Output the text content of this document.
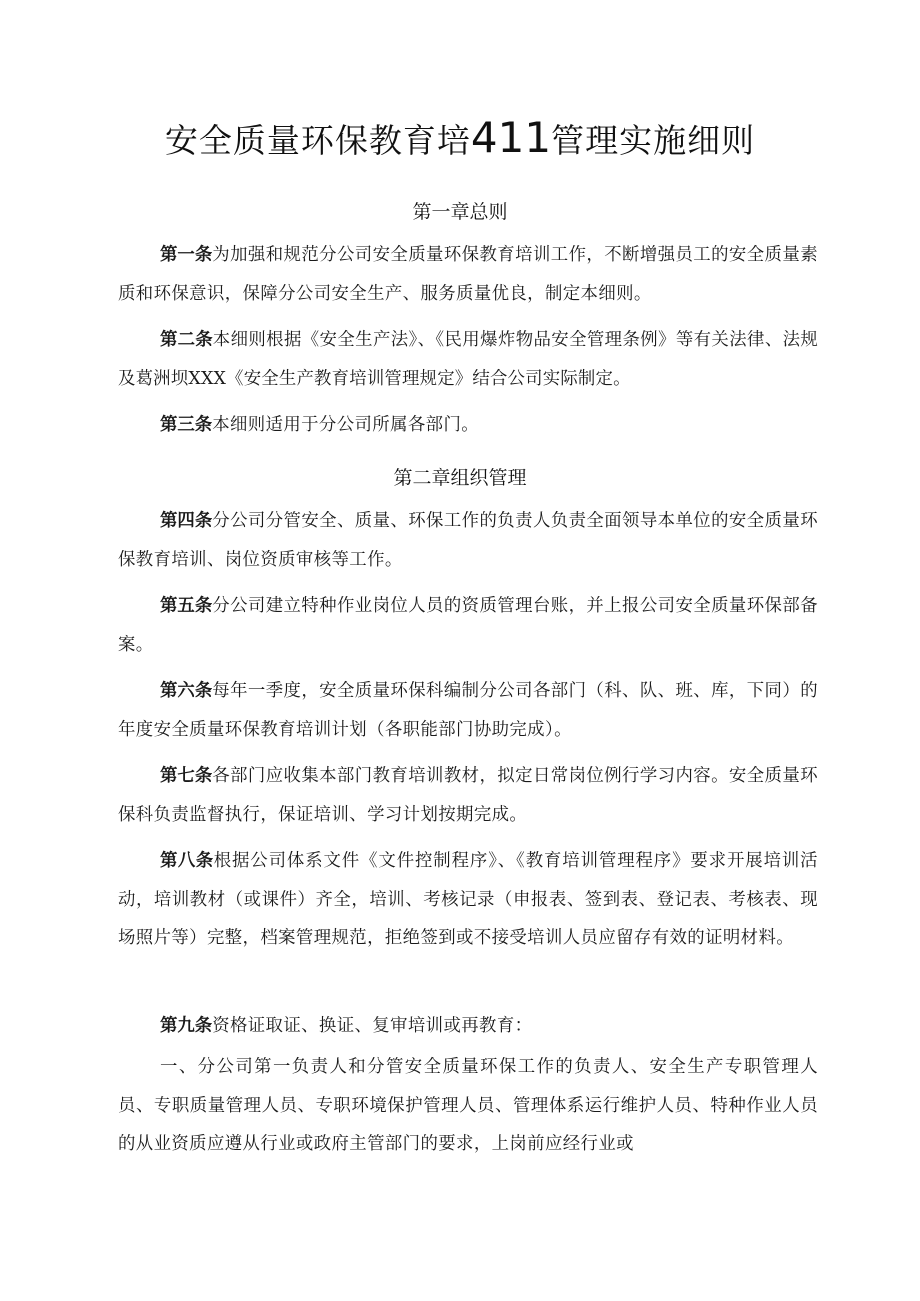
安全质量环保教育培411管理实施细则
第一章总则

第一条为加强和规范分公司安全质量环保教育培训工作，不断增强员工的安全质量素质和环保意识，保障分公司安全生产、服务质量优良，制定本细则。

第二条本细则根据《安全生产法》、《民用爆炸物品安全管理条例》等有关法律、法规及葛洲坝XXX《安全生产教育培训管理规定》结合公司实际制定。

第三条本细则适用于分公司所属各部门。

第二章组织管理

第四条分公司分管安全、质量、环保工作的负责人负责全面领导本单位的安全质量环保教育培训、岗位资质审核等工作。

第五条分公司建立特种作业岗位人员的资质管理台账，并上报公司安全质量环保部备案。

第六条每年一季度，安全质量环保科编制分公司各部门（科、队、班、库，下同）的年度安全质量环保教育培训计划（各职能部门协助完成）。

第七条各部门应收集本部门教育培训教材，拟定日常岗位例行学习内容。安全质量环保科负责监督执行，保证培训、学习计划按期完成。

第八条根据公司体系文件《文件控制程序》、《教育培训管理程序》要求开展培训活动，培训教材（或课件）齐全，培训、考核记录（申报表、签到表、登记表、考核表、现场照片等）完整，档案管理规范，拒绝签到或不接受培训人员应留存有效的证明材料。

第九条资格证取证、换证、复审培训或再教育：

一、分公司第一负责人和分管安全质量环保工作的负责人、安全生产专职管理人员、专职质量管理人员、专职环境保护管理人员、管理体系运行维护人员、特种作业人员的从业资质应遵从行业或政府主管部门的要求，上岗前应经行业或
